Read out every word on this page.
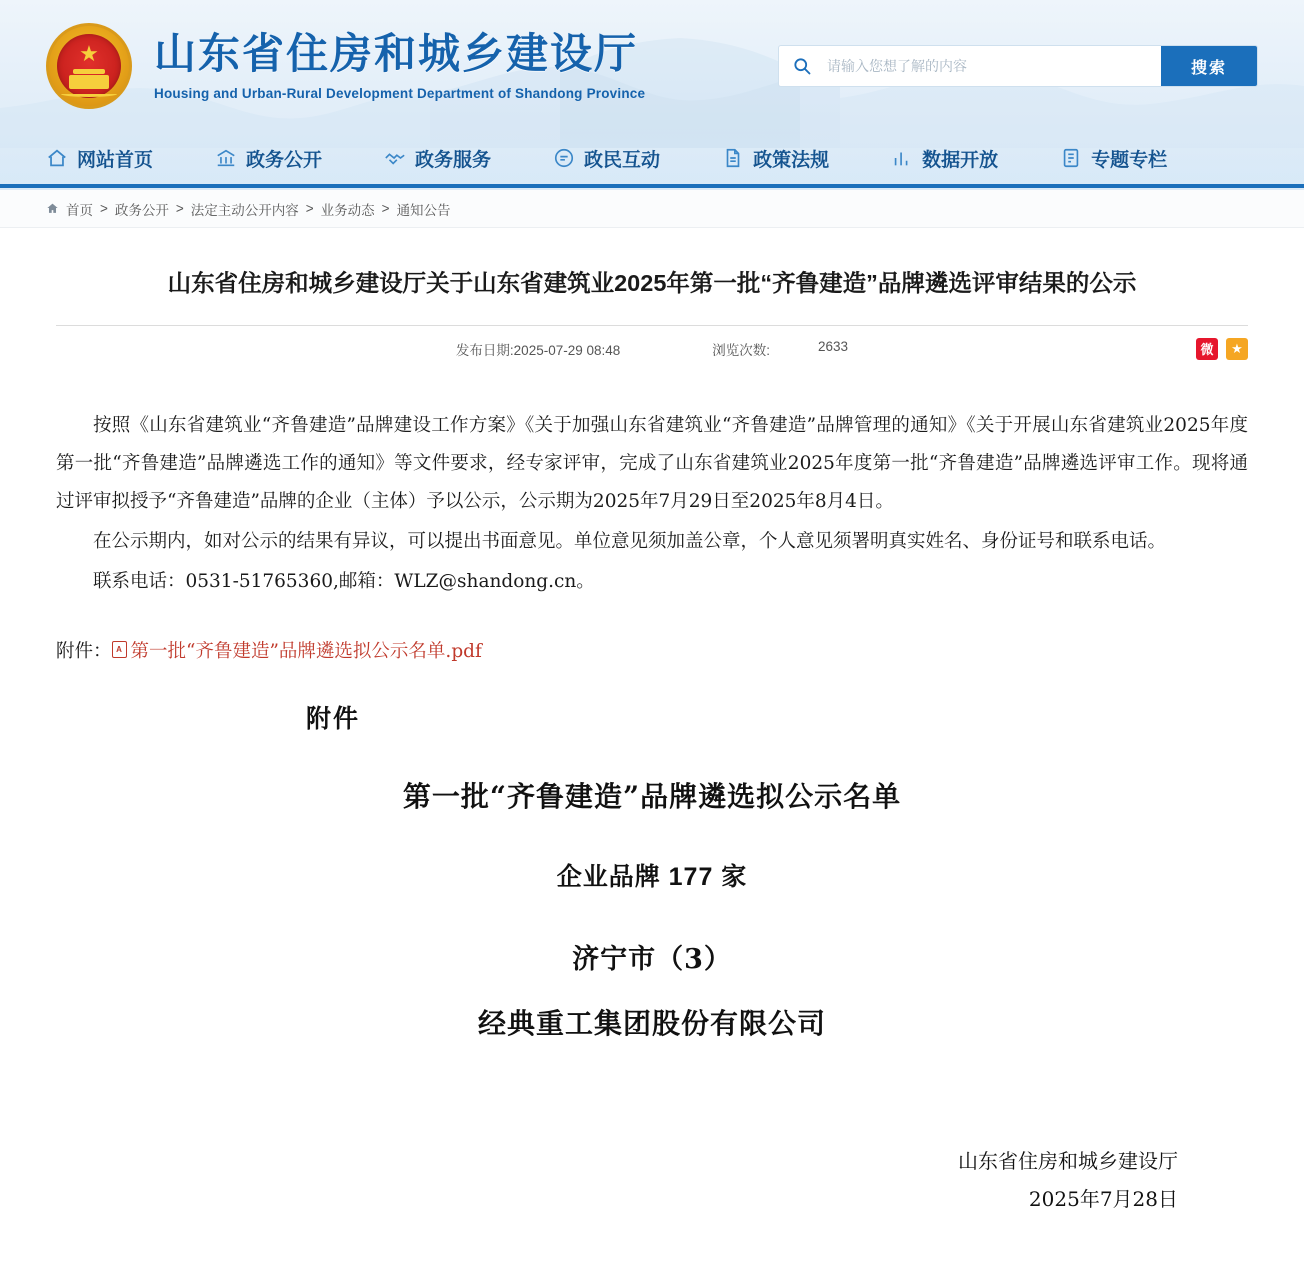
★ 山东省住房和城乡建设厅
Housing and Urban-Rural Development Department of Shandong Province
请输入您想了解的内容
搜索
网站首页	政务公开	政务服务	政民互动	政策法规	数据开放	专题专栏
首页 > 政务公开 > 法定主动公开内容 > 业务动态 > 通知公告
山东省住房和城乡建设厅关于山东省建筑业2025年第一批“齐鲁建造”品牌遴选评审结果的公示
发布日期:2025-07-29 08:48	浏览次数:	2633	微	★

按照《山东省建筑业“齐鲁建造”品牌建设工作方案》《关于加强山东省建筑业“齐鲁建造”品牌管理的通知》《关于开展山东省建筑业2025年度第一批“齐鲁建造”品牌遴选工作的通知》等文件要求，经专家评审，完成了山东省建筑业2025年度第一批“齐鲁建造”品牌遴选评审工作。现将通过评审拟授予“齐鲁建造”品牌的企业（主体）予以公示，公示期为2025年7月29日至2025年8月4日。

在公示期内，如对公示的结果有异议，可以提出书面意见。单位意见须加盖公章，个人意见须署明真实姓名、身份证号和联系电话。

联系电话：0531-51765360,邮箱：WLZ@shandong.cn。

附件： A 第一批“齐鲁建造”品牌遴选拟公示名单.pdf
附件
第一批“齐鲁建造”品牌遴选拟公示名单
企业品牌 177 家
济宁市（3）
经典重工集团股份有限公司
山东省住房和城乡建设厅
2025年7月28日
